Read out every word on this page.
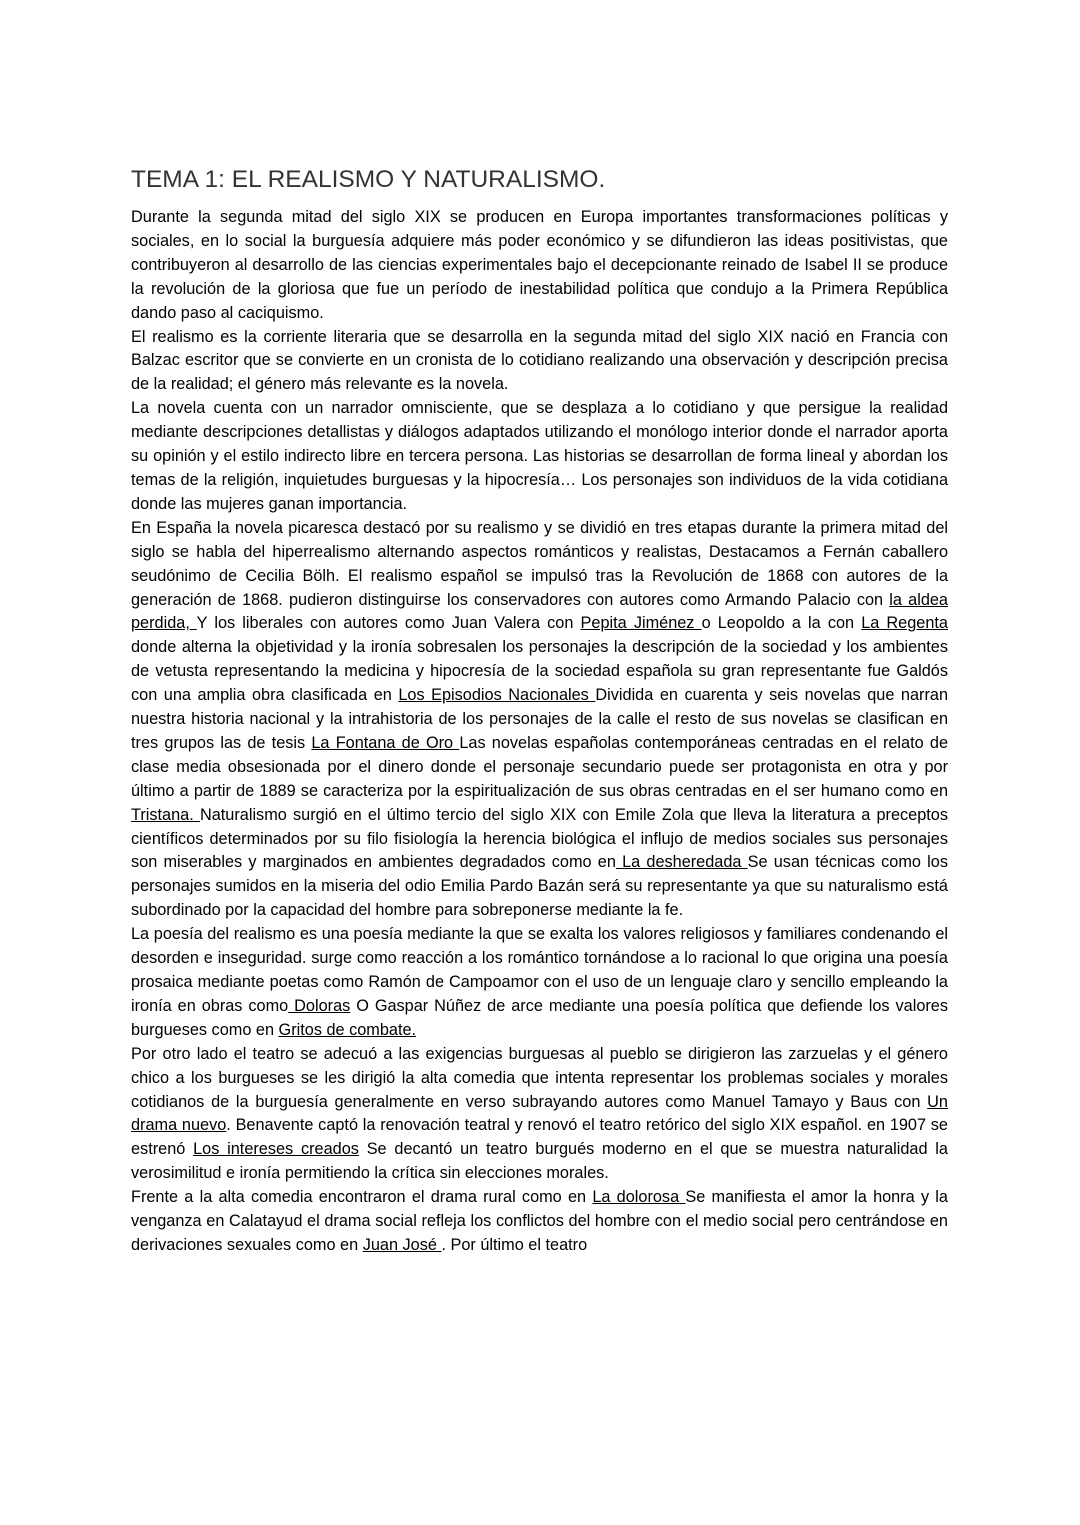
TEMA 1: EL REALISMO Y NATURALISMO.

Durante la segunda mitad del siglo XIX se producen en Europa importantes transformaciones políticas y sociales, en lo social la burguesía adquiere más poder económico y se difundieron las ideas positivistas, que contribuyeron al desarrollo de las ciencias experimentales bajo el decepcionante reinado de Isabel II se produce la revolución de la gloriosa que fue un período de inestabilidad política que condujo a la Primera República dando paso al caciquismo.

El realismo es la corriente literaria que se desarrolla en la segunda mitad del siglo XIX nació en Francia con Balzac escritor que se convierte en un cronista de lo cotidiano realizando una observación y descripción precisa de la realidad; el género más relevante es la novela.

La novela cuenta con un narrador omnisciente, que se desplaza a lo cotidiano y que persigue la realidad mediante descripciones detallistas y diálogos adaptados utilizando el monólogo interior donde el narrador aporta su opinión y el estilo indirecto libre en tercera persona. Las historias se desarrollan de forma lineal y abordan los temas de la religión, inquietudes burguesas y la hipocresía… Los personajes son individuos de la vida cotidiana donde las mujeres ganan importancia.

En España la novela picaresca destacó por su realismo y se dividió en tres etapas durante la primera mitad del siglo se habla del hiperrealismo alternando aspectos románticos y realistas, Destacamos a Fernán caballero seudónimo de Cecilia Bölh. El realismo español se impulsó tras la Revolución de 1868 con autores de la generación de 1868. pudieron distinguirse los conservadores con autores como Armando Palacio con la aldea perdida, Y los liberales con autores como Juan Valera con Pepita Jiménez o Leopoldo a la con La Regenta donde alterna la objetividad y la ironía sobresalen los personajes la descripción de la sociedad y los ambientes de vetusta representando la medicina y hipocresía de la sociedad española su gran representante fue Galdós con una amplia obra clasificada en Los Episodios Nacionales Dividida en cuarenta y seis novelas que narran nuestra historia nacional y la intrahistoria de los personajes de la calle el resto de sus novelas se clasifican en tres grupos las de tesis La Fontana de Oro Las novelas españolas contemporáneas centradas en el relato de clase media obsesionada por el dinero donde el personaje secundario puede ser protagonista en otra y por último a partir de 1889 se caracteriza por la espiritualización de sus obras centradas en el ser humano como en Tristana. Naturalismo surgió en el último tercio del siglo XIX con Emile Zola que lleva la literatura a preceptos científicos determinados por su filo fisiología la herencia biológica el influjo de medios sociales sus personajes son miserables y marginados en ambientes degradados como en La desheredada Se usan técnicas como los personajes sumidos en la miseria del odio Emilia Pardo Bazán será su representante ya que su naturalismo está subordinado por la capacidad del hombre para sobreponerse mediante la fe.

La poesía del realismo es una poesía mediante la que se exalta los valores religiosos y familiares condenando el desorden e inseguridad. surge como reacción a los romántico tornándose a lo racional lo que origina una poesía prosaica mediante poetas como Ramón de Campoamor con el uso de un lenguaje claro y sencillo empleando la ironía en obras como Doloras O Gaspar Núñez de arce mediante una poesía política que defiende los valores burgueses como en Gritos de combate.

Por otro lado el teatro se adecuó a las exigencias burguesas al pueblo se dirigieron las zarzuelas y el género chico a los burgueses se les dirigió la alta comedia que intenta representar los problemas sociales y morales cotidianos de la burguesía generalmente en verso subrayando autores como Manuel Tamayo y Baus con Un drama nuevo. Benavente captó la renovación teatral y renovó el teatro retórico del siglo XIX español. en 1907 se estrenó Los intereses creados Se decantó un teatro burgués moderno en el que se muestra naturalidad la verosimilitud e ironía permitiendo la crítica sin elecciones morales.

Frente a la alta comedia encontraron el drama rural como en La dolorosa Se manifiesta el amor la honra y la venganza en Calatayud el drama social refleja los conflictos del hombre con el medio social pero centrándose en derivaciones sexuales como en Juan José . Por último el teatro
